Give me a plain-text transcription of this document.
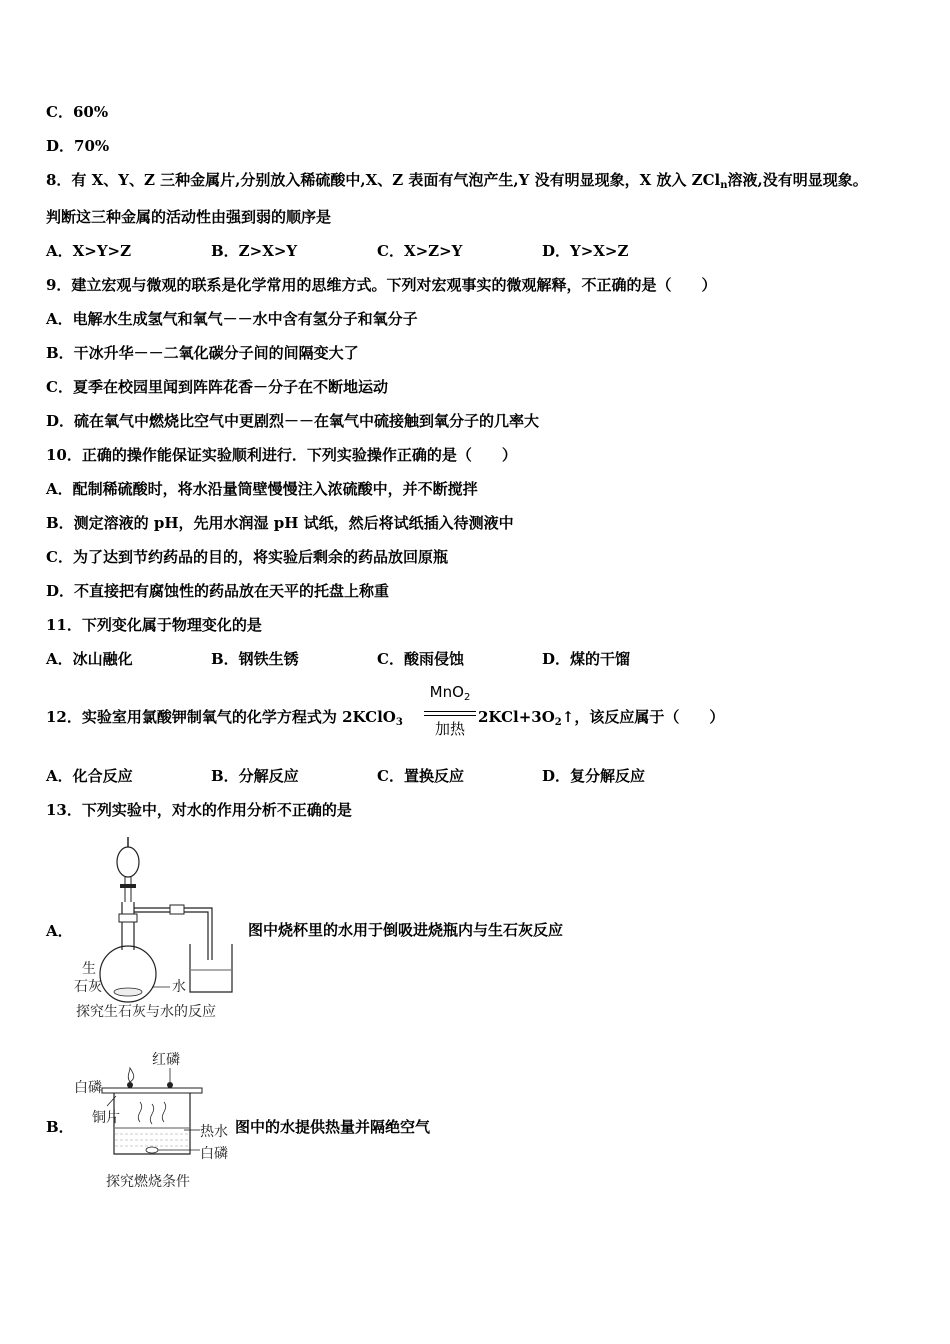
C．60%
D．70%
8．有 X、Y、Z 三种金属片,分别放入稀硫酸中,X、Z 表面有气泡产生,Y 没有明显现象，X 放入 ZCl$_n$溶液,没有明显现象。
判断这三种金属的活动性由强到弱的顺序是
A．X>Y>Z	B．Z>X>Y	C．X>Z>Y	D．Y>X>Z
9．建立宏观与微观的联系是化学常用的思维方式。下列对宏观事实的微观解释，不正确的是（　　）
A．电解水生成氢气和氧气－－水中含有氢分子和氧分子
B．干冰升华－－二氧化碳分子间的间隔变大了
C．夏季在校园里闻到阵阵花香－分子在不断地运动
D．硫在氧气中燃烧比空气中更剧烈－－在氧气中硫接触到氧分子的几率大
10．正确的操作能保证实验顺利进行．下列实验操作正确的是（　　）
A．配制稀硫酸时，将水沿量筒壁慢慢注入浓硫酸中，并不断搅拌
B．测定溶液的 pH，先用水润湿 pH 试纸，然后将试纸插入待测液中
C．为了达到节约药品的目的，将实验后剩余的药品放回原瓶
D．不直接把有腐蚀性的药品放在天平的托盘上称重
11．下列变化属于物理变化的是
A．冰山融化	B．钢铁生锈	C．酸雨侵蚀	D．煤的干馏
12．实验室用氯酸钾制氧气的化学方程式为 2KClO$_3$
MnO$_2$
加热
$2KCl+3O_2↑$，该反应属于（　　）
A．化合反应	B．分解反应	C．置换反应	D．复分解反应
13．下列实验中，对水的作用分析不正确的是
A．
生
石灰	水
探究生石灰与水的反应
图中烧杯里的水用于倒吸进烧瓶内与生石灰反应
B．
红磷
白磷
铜片
热水
白磷
探究燃烧条件
图中的水提供热量并隔绝空气
